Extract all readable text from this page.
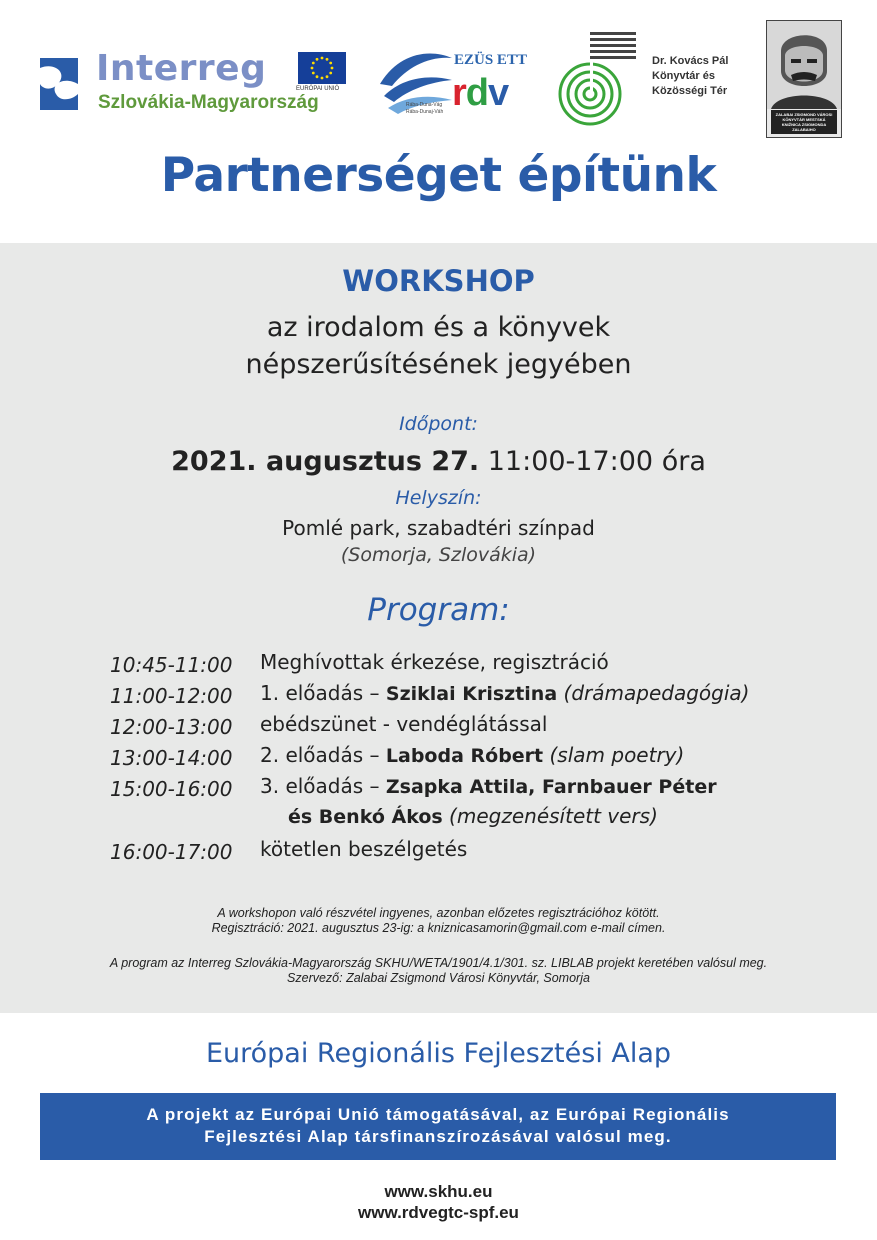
Interreg
Szlovákia-Magyarország
EURÓPAI UNIÓ
EZÜS ETT
rdv
Rába-Duna-Vág
Rába-Dunaj-Váh
Dr. Kovács Pál
Könyvtár és
Közösségi Tér
ZALABAI ZSIGMOND VÁROSI KÖNYVTÁR MESTSKÁ KNIŽNICA ZSIGMONDA ZALABAIHO
Partnerséget építünk
WORKSHOP
az irodalom és a könyvek
népszerűsítésének jegyében
Időpont:
2021. augusztus 27. 11:00-17:00 óra
Helyszín:
Pomlé park, szabadtéri színpad
(Somorja, Szlovákia)
Program:
10:45-11:00 Meghívottak érkezése, regisztráció
11:00-12:00 1. előadás – Sziklai Krisztina (drámapedagógia)
12:00-13:00 ebédszünet - vendéglátással
13:00-14:00 2. előadás – Laboda Róbert (slam poetry)
15:00-16:00 3. előadás – Zsapka Attila, Farnbauer Péter
és Benkó Ákos (megzenésített vers)
16:00-17:00 kötetlen beszélgetés
A workshopon való részvétel ingyenes, azonban előzetes regisztrációhoz kötött.
Regisztráció: 2021. augusztus 23-ig: a kniznicasamorin@gmail.com e-mail címen.
A program az Interreg Szlovákia-Magyarország SKHU/WETA/1901/4.1/301. sz. LIBLAB projekt keretében valósul meg.
Szervező: Zalabai Zsigmond Városi Könyvtár, Somorja
Európai Regionális Fejlesztési Alap
A projekt az Európai Unió támogatásával, az Európai Regionális
Fejlesztési Alap társfinanszírozásával valósul meg.
www.skhu.eu
www.rdvegtc-spf.eu
